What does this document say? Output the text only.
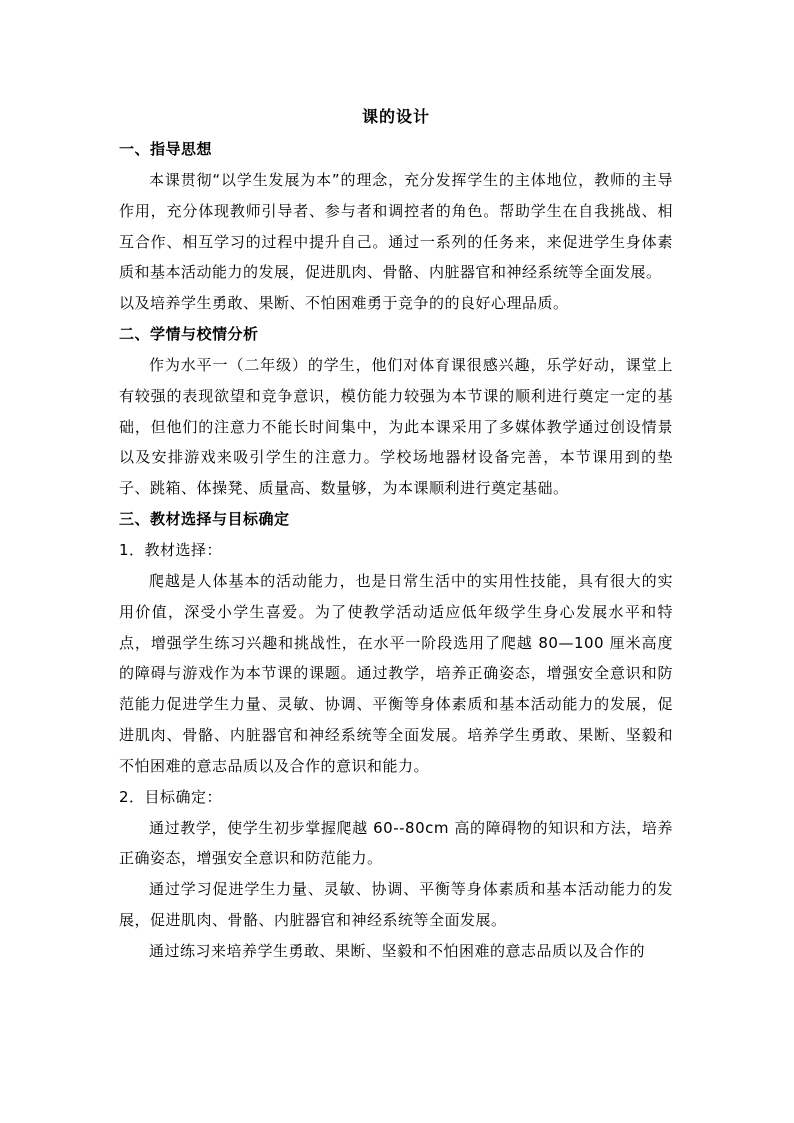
课的设计
一、指导思想

本课贯彻“以学生发展为本”的理念，充分发挥学生的主体地位，教师的主导作用，充分体现教师引导者、参与者和调控者的角色。帮助学生在自我挑战、相互合作、相互学习的过程中提升自己。通过一系列的任务来，来促进学生身体素质和基本活动能力的发展，促进肌肉、骨骼、内脏器官和神经系统等全面发展。

以及培养学生勇敢、果断、不怕困难勇于竞争的的良好心理品质。

二、学情与校情分析

作为水平一（二年级）的学生，他们对体育课很感兴趣，乐学好动，课堂上有较强的表现欲望和竞争意识，模仿能力较强为本节课的顺利进行奠定一定的基础，但他们的注意力不能长时间集中，为此本课采用了多媒体教学通过创设情景以及安排游戏来吸引学生的注意力。学校场地器材设备完善，本节课用到的垫子、跳箱、体操凳、质量高、数量够，为本课顺利进行奠定基础。

三、教材选择与目标确定

1．教材选择：

爬越是人体基本的活动能力，也是日常生活中的实用性技能，具有很大的实用价值，深受小学生喜爱。为了使教学活动适应低年级学生身心发展水平和特点，增强学生练习兴趣和挑战性，在水平一阶段选用了爬越 80—100 厘米高度的障碍与游戏作为本节课的课题。通过教学，培养正确姿态，增强安全意识和防范能力促进学生力量、灵敏、协调、平衡等身体素质和基本活动能力的发展，促进肌肉、骨骼、内脏器官和神经系统等全面发展。培养学生勇敢、果断、坚毅和不怕困难的意志品质以及合作的意识和能力。

2．目标确定：

通过教学，使学生初步掌握爬越 60--80cm 高的障碍物的知识和方法，培养正确姿态，增强安全意识和防范能力。

通过学习促进学生力量、灵敏、协调、平衡等身体素质和基本活动能力的发展，促进肌肉、骨骼、内脏器官和神经系统等全面发展。

通过练习来培养学生勇敢、果断、坚毅和不怕困难的意志品质以及合作的
